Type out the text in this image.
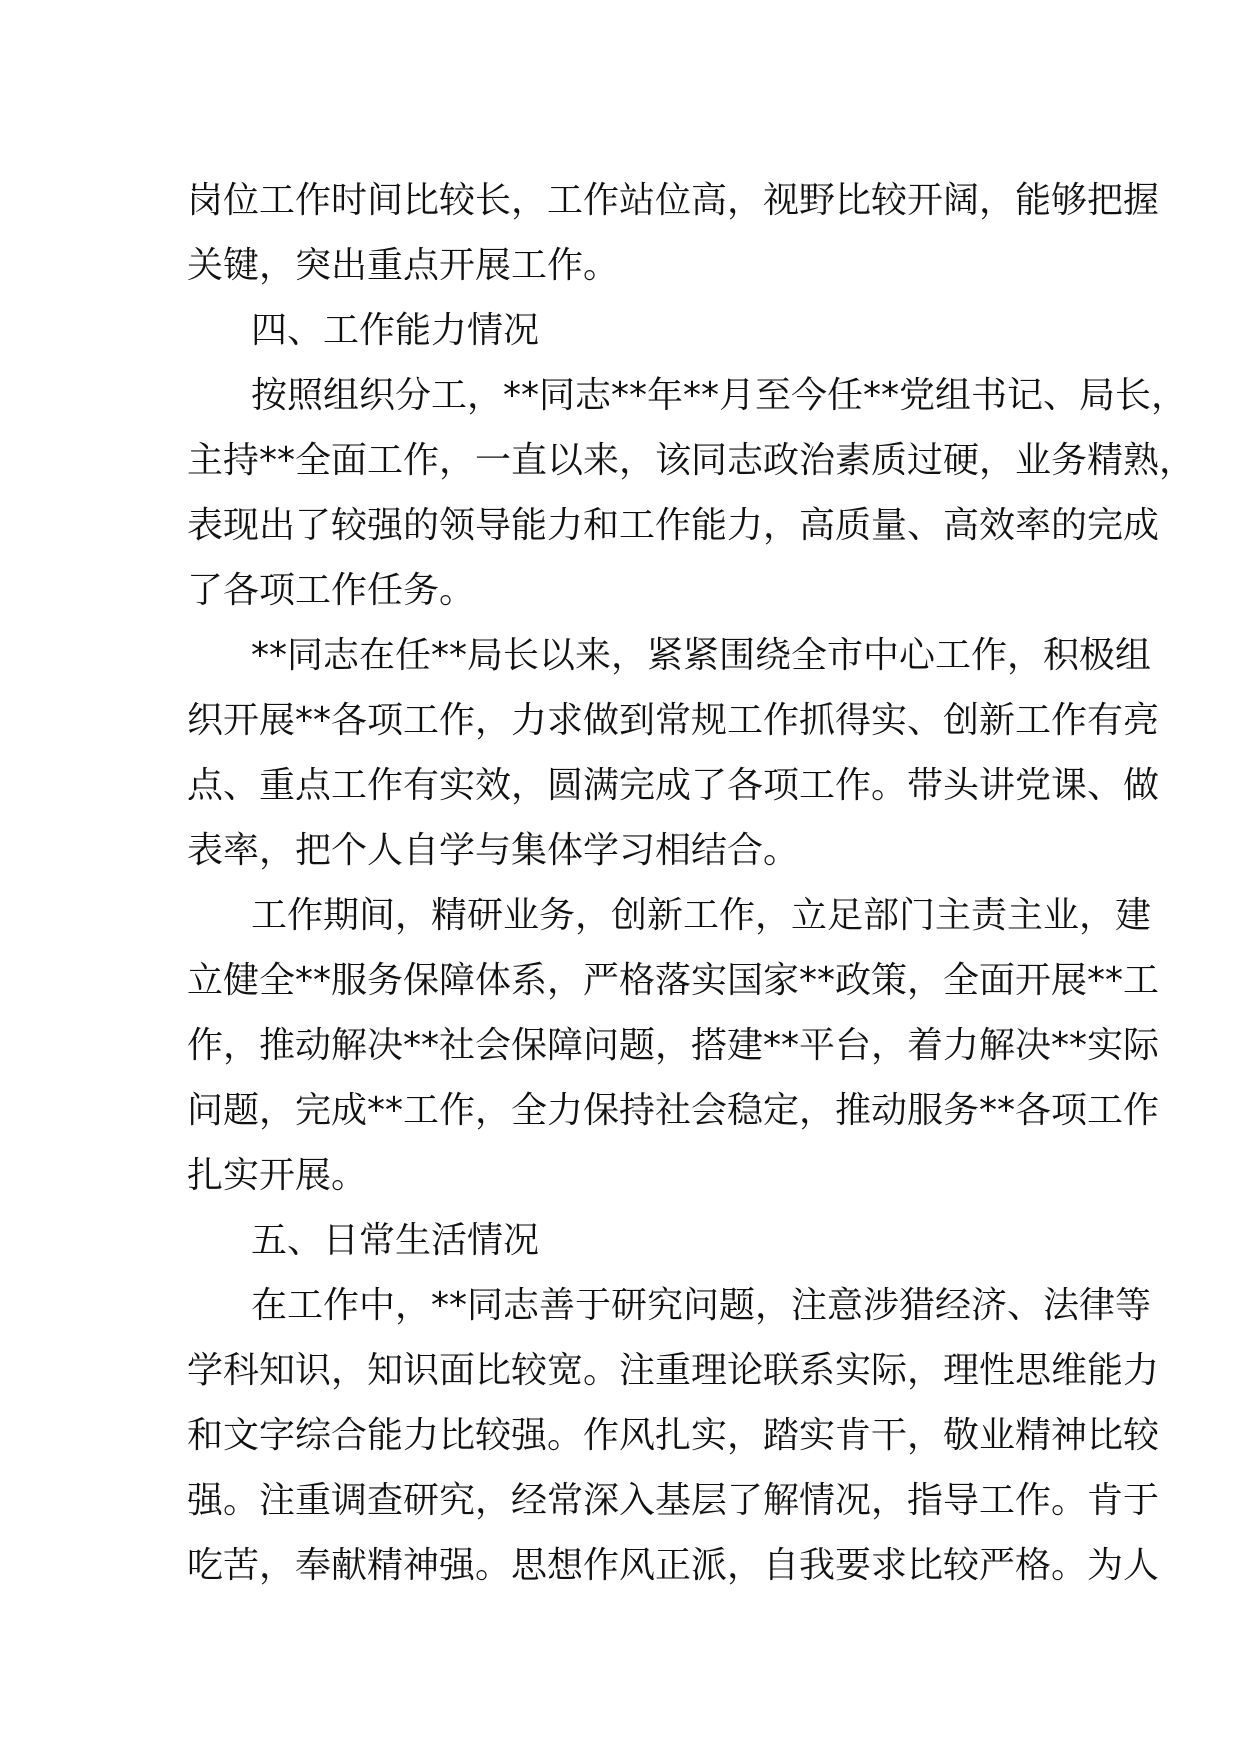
岗位工作时间比较长，工作站位高，视野比较开阔，能够把握
关键，突出重点开展工作。
四、工作能力情况
按照组织分工，**同志**年**月至今任**党组书记、局长，
主持**全面工作，一直以来，该同志政治素质过硬，业务精熟，
表现出了较强的领导能力和工作能力，高质量、高效率的完成
了各项工作任务。
**同志在任**局长以来，紧紧围绕全市中心工作，积极组
织开展**各项工作，力求做到常规工作抓得实、创新工作有亮
点、重点工作有实效，圆满完成了各项工作。带头讲党课、做
表率，把个人自学与集体学习相结合。
工作期间，精研业务，创新工作，立足部门主责主业，建
立健全**服务保障体系，严格落实国家**政策，全面开展**工
作，推动解决**社会保障问题，搭建**平台，着力解决**实际
问题，完成**工作，全力保持社会稳定，推动服务**各项工作
扎实开展。
五、日常生活情况
在工作中，**同志善于研究问题，注意涉猎经济、法律等
学科知识，知识面比较宽。注重理论联系实际，理性思维能力
和文字综合能力比较强。作风扎实，踏实肯干，敬业精神比较
强。注重调查研究，经常深入基层了解情况，指导工作。肯于
吃苦，奉献精神强。思想作风正派，自我要求比较严格。为人
